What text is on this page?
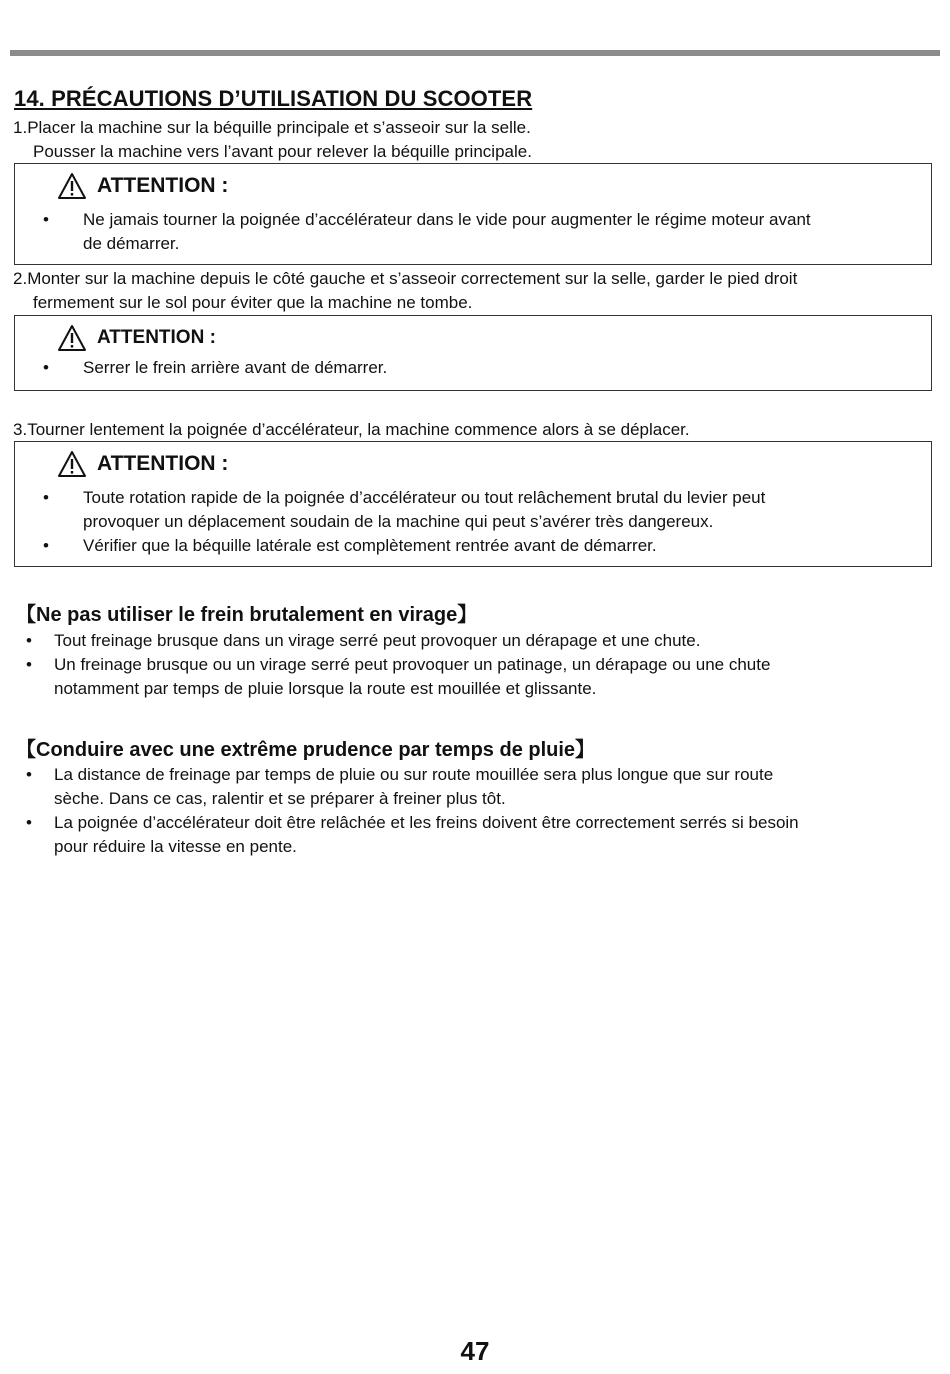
14. PRÉCAUTIONS D’UTILISATION DU SCOOTER
1.Placer la machine sur la béquille principale et s’asseoir sur la selle.
Pousser la machine vers l’avant pour relever la béquille principale.
ATTENTION :
• Ne jamais tourner la poignée d’accélérateur dans le vide pour augmenter le régime moteur avant
de démarrer.
2.Monter sur la machine depuis le côté gauche et s’asseoir correctement sur la selle, garder le pied droit
fermement sur le sol pour éviter que la machine ne tombe.
ATTENTION :
• Serrer le frein arrière avant de démarrer.
3.Tourner lentement la poignée d’accélérateur, la machine commence alors à se déplacer.
ATTENTION :
• Toute rotation rapide de la poignée d’accélérateur ou tout relâchement brutal du levier peut
provoquer un déplacement soudain de la machine qui peut s’avérer très dangereux.
• Vérifier que la béquille latérale est complètement rentrée avant de démarrer.
【Ne pas utiliser le frein brutalement en virage】
• Tout freinage brusque dans un virage serré peut provoquer un dérapage et une chute.
• Un freinage brusque ou un virage serré peut provoquer un patinage, un dérapage ou une chute
notamment par temps de pluie lorsque la route est mouillée et glissante.
【Conduire avec une extrême prudence par temps de pluie】
• La distance de freinage par temps de pluie ou sur route mouillée sera plus longue que sur route
sèche. Dans ce cas, ralentir et se préparer à freiner plus tôt.
• La poignée d’accélérateur doit être relâchée et les freins doivent être correctement serrés si besoin
pour réduire la vitesse en pente.
47
